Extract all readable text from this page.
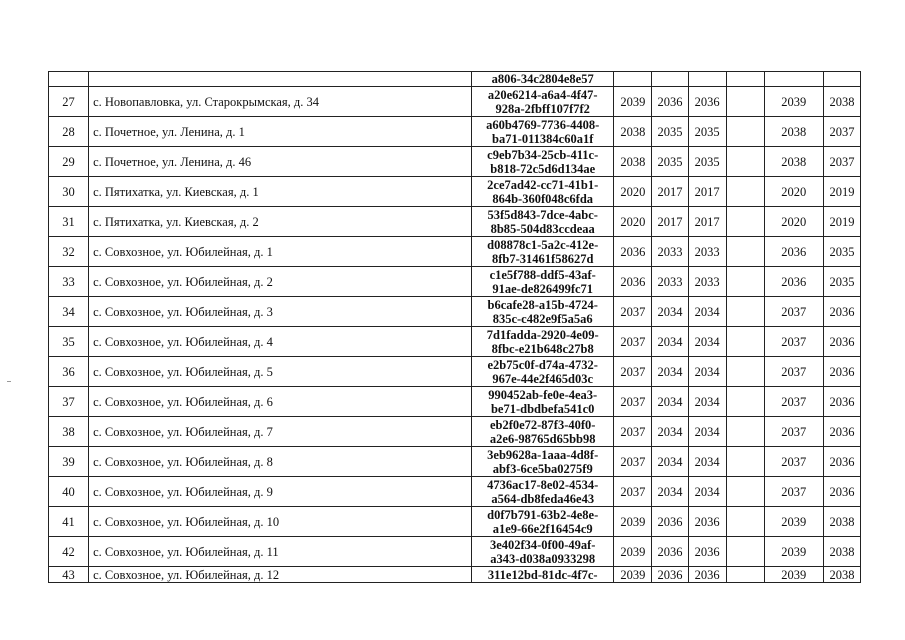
		a806-34c2804e8e57						

27	с. Новопавловка, ул. Старокрымская, д. 34	a20e6214-a6a4-4f47-
928a-2fbff107f7f2	2039	2036	2036		2039	2038
28	с. Почетное, ул. Ленина, д. 1	a60b4769-7736-4408-
ba71-011384c60a1f	2038	2035	2035		2038	2037
29	с. Почетное, ул. Ленина, д. 46	c9eb7b34-25cb-411c-
b818-72c5d6d134ae	2038	2035	2035		2038	2037
30	с. Пятихатка, ул. Киевская, д. 1	2ce7ad42-cc71-41b1-
864b-360f048c6fda	2020	2017	2017		2020	2019
31	с. Пятихатка, ул. Киевская, д. 2	53f5d843-7dce-4abc-
8b85-504d83ccdeaa	2020	2017	2017		2020	2019
32	с. Совхозное, ул. Юбилейная, д. 1	d08878c1-5a2c-412e-
8fb7-31461f58627d	2036	2033	2033		2036	2035
33	с. Совхозное, ул. Юбилейная, д. 2	c1e5f788-ddf5-43af-
91ae-de826499fc71	2036	2033	2033		2036	2035
34	с. Совхозное, ул. Юбилейная, д. 3	b6cafe28-a15b-4724-
835c-c482e9f5a5a6	2037	2034	2034		2037	2036
35	с. Совхозное, ул. Юбилейная, д. 4	7d1fadda-2920-4e09-
8fbc-e21b648c27b8	2037	2034	2034		2037	2036
36	с. Совхозное, ул. Юбилейная, д. 5	e2b75c0f-d74a-4732-
967e-44e2f465d03c	2037	2034	2034		2037	2036
37	с. Совхозное, ул. Юбилейная, д. 6	990452ab-fe0e-4ea3-
be71-dbdbefa541c0	2037	2034	2034		2037	2036
38	с. Совхозное, ул. Юбилейная, д. 7	eb2f0e72-87f3-40f0-
a2e6-98765d65bb98	2037	2034	2034		2037	2036
39	с. Совхозное, ул. Юбилейная, д. 8	3eb9628a-1aaa-4d8f-
abf3-6ce5ba0275f9	2037	2034	2034		2037	2036
40	с. Совхозное, ул. Юбилейная, д. 9	4736ac17-8e02-4534-
a564-db8feda46e43	2037	2034	2034		2037	2036
41	с. Совхозное, ул. Юбилейная, д. 10	d0f7b791-63b2-4e8e-
a1e9-66e2f16454c9	2039	2036	2036		2039	2038
42	с. Совхозное, ул. Юбилейная, д. 11	3e402f34-0f00-49af-
a343-d038a0933298	2039	2036	2036		2039	2038
43	с. Совхозное, ул. Юбилейная, д. 12	311e12bd-81dc-4f7c-	2039	2036	2036		2039	2038
